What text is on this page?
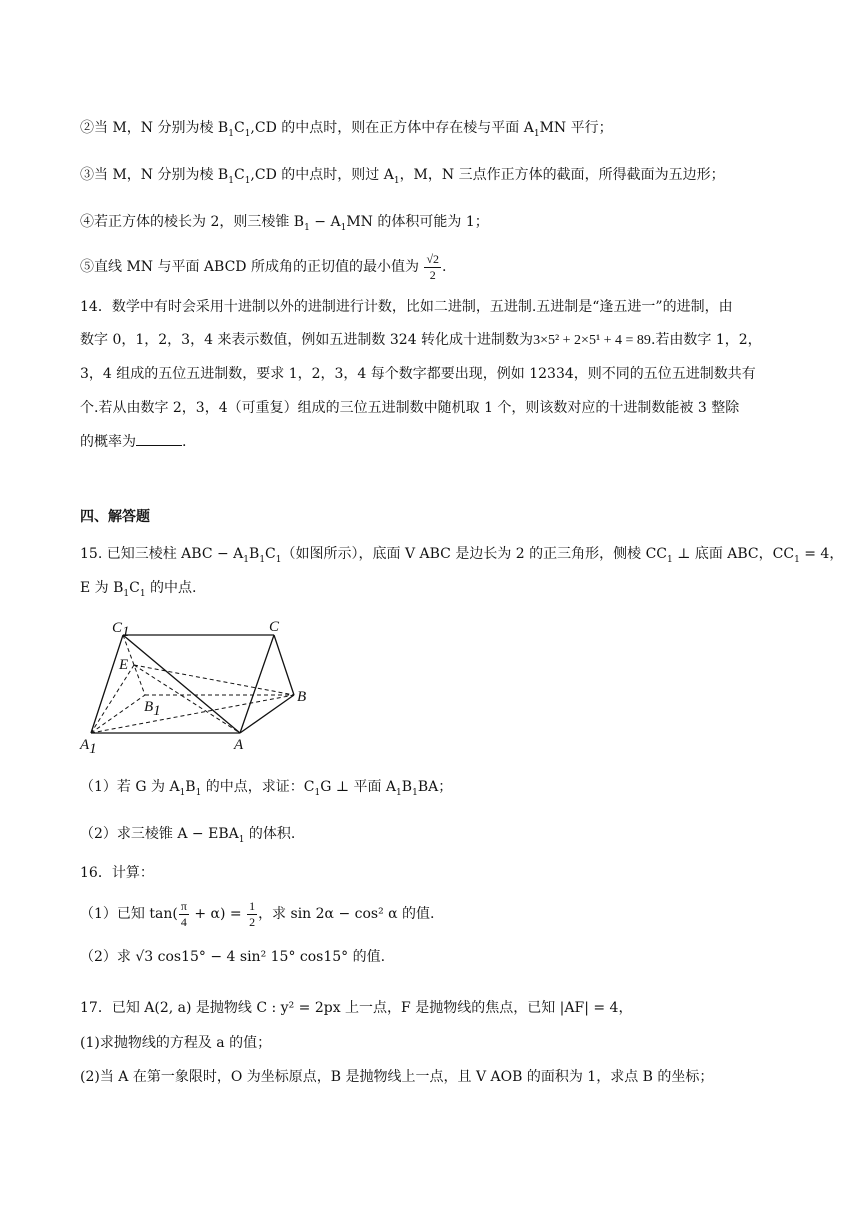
②当 M，N 分别为棱 $B_1C_1,CD$ 的中点时，则在正方体中存在棱与平面 $A_1MN$ 平行；
③当 M，N 分别为棱 $B_1C_1,CD$ 的中点时，则过 $A_1$，M，N 三点作正方体的截面，所得截面为五边形；
④若正方体的棱长为 2，则三棱锥 $B_1 - A_1MN$ 的体积可能为 1；
⑤直线 MN 与平面 ABCD 所成角的正切值的最小值为 $\frac{√2}{2}$ .
14．数学中有时会采用十进制以外的进制进行计数，比如二进制，五进制.五进制是“逢五进一”的进制，由
数字 0，1，2，3，4 来表示数值，例如五进制数 324 转化成十进制数为3×5² + 2×5¹ + 4 = 89.若由数字 1，2，
3，4 组成的五位五进制数，要求 1，2，3，4 每个数字都要出现，例如 12334，则不同的五位五进制数共有
个.若从由数字 2，3，4（可重复）组成的三位五进制数中随机取 1 个，则该数对应的十进制数能被 3 整除
的概率为	.
四、解答题
15. 已知三棱柱 ABC − $A_1B_1C_1$（如图所示），底面 V ABC 是边长为 2 的正三角形，侧棱 $CC_1$ ⊥ 底面 ABC，$CC_1 = 4$，
E 为 $B_1C_1$ 的中点.
C1	C
E
B
B1
A1	A
（1）若 G 为 $A_1B_1$ 的中点，求证：$C_1G$ ⊥ 平面 $A_1B_1BA$；
（2）求三棱锥 $A - EBA_1$ 的体积.
16．计算：
（1）已知 $\tan( \frac{\pi}{4} + \alpha) = \frac{1}{2}$ ，求 sin 2α − cos² α 的值.
（2）求 √3 cos15° − 4 sin² 15° cos15° 的值.
17．已知 A(2, a) 是抛物线 C : y² = 2px 上一点，F 是抛物线的焦点，已知 |AF| = 4，
(1)求抛物线的方程及 a 的值；
(2)当 A 在第一象限时，O 为坐标原点，B 是抛物线上一点，且 V AOB 的面积为 1，求点 B 的坐标；
